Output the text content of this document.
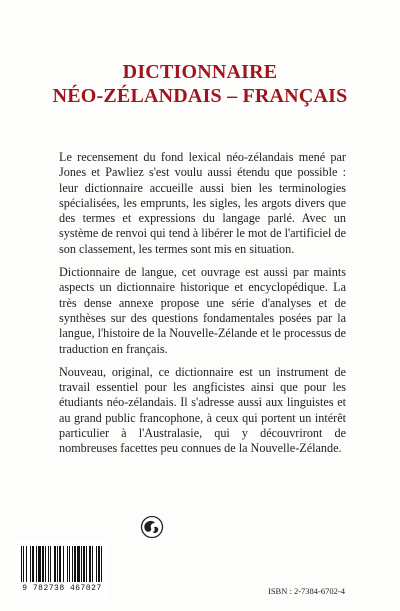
DICTIONNAIRE
NÉO-ZÉLANDAIS – FRANÇAIS

Le recensement du fond lexical néo-zélandais mené par Jones et Pawliez s'est voulu aussi étendu que possible : leur dictionnaire accueille aussi bien les terminologies spécialisées, les emprunts, les sigles, les argots divers que des termes et expressions du langage parlé. Avec un système de renvoi qui tend à libérer le mot de l'artificiel de son classement, les termes sont mis en situation.

Dictionnaire de langue, cet ouvrage est aussi par maints aspects un dictionnaire historique et encyclopédique. La très dense annexe propose une série d'analyses et de synthèses sur des questions fondamentales posées par la langue, l'histoire de la Nouvelle-Zélande et le processus de traduction en français.

Nouveau, original, ce dictionnaire est un instrument de travail essentiel pour les angficistes ainsi que pour les étudiants néo-zélandais. Il s'adresse aussi aux linguistes et au grand public francophone, à ceux qui portent un intérêt particulier à l'Australasie, qui y découvriront de nombreuses facettes peu connues de la Nouvelle-Zélande.

9 782738 467027	ISBN : 2-7384-6702-4
